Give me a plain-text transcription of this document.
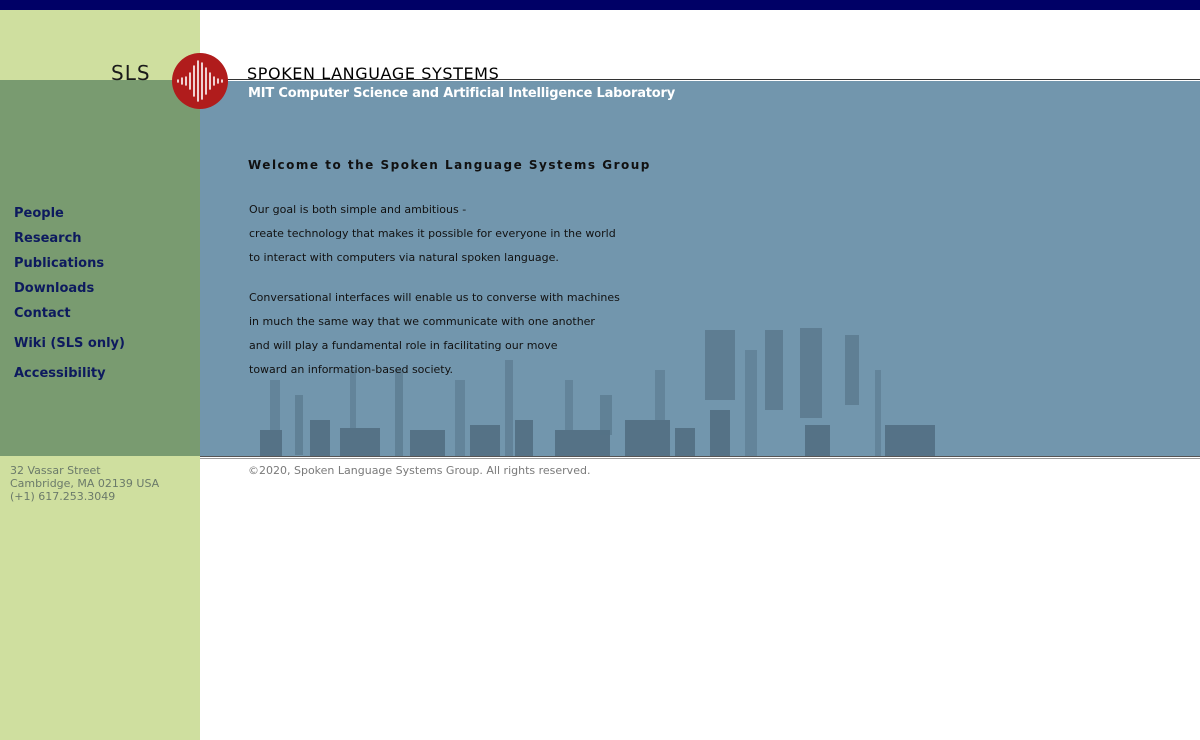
SLS	SPOKEN LANGUAGE SYSTEMS
MIT Computer Science and Artificial Intelligence Laboratory
Welcome to the Spoken Language Systems Group
Our goal is both simple and ambitious -
create technology that makes it possible for everyone in the world
to interact with computers via natural spoken language.
Conversational interfaces will enable us to converse with machines
in much the same way that we communicate with one another
and will play a fundamental role in facilitating our move
toward an information-based society.
People
Research
Publications
Downloads
Contact
Wiki (SLS only)
Accessibility
32 Vassar Street
Cambridge, MA 02139 USA
(+1) 617.253.3049
©2020, Spoken Language Systems Group. All rights reserved.
